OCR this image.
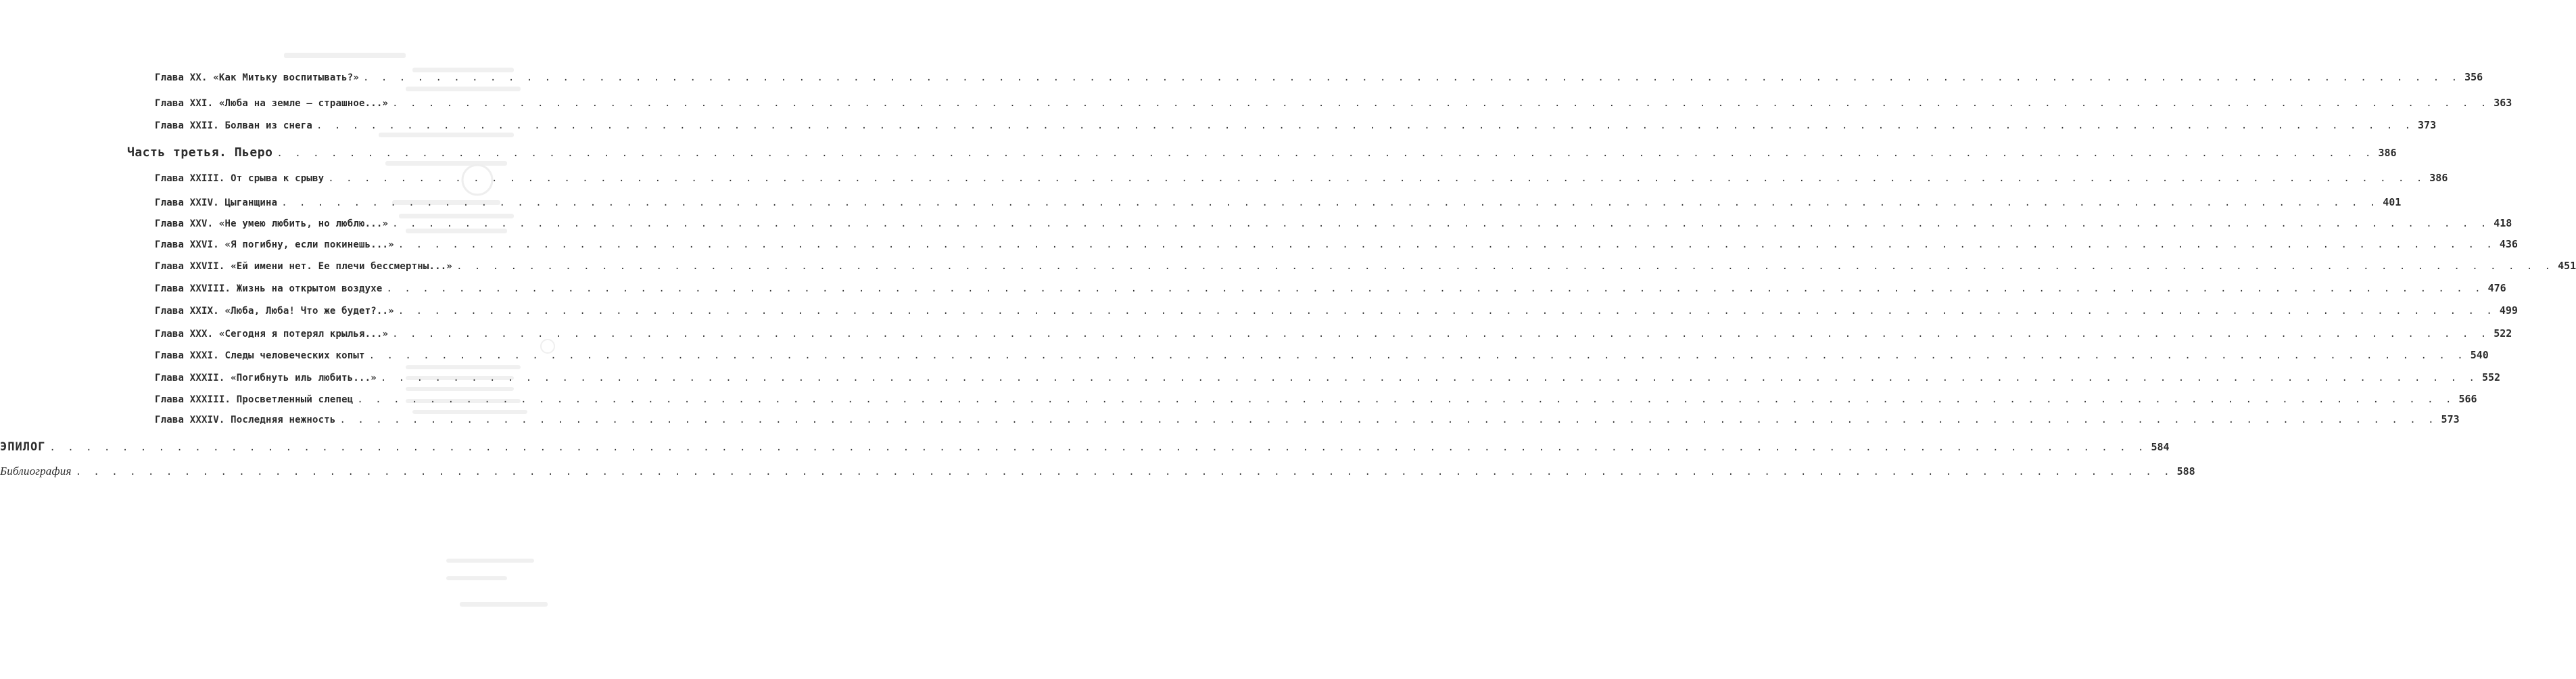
Глава XX. «Как Митьку воспитывать?» . . .	356
Глава XXI. «Люба на земле – страшное...» . . .	363
Глава XXII. Болван из снега . . .	373
Часть третья. Пьеро . . .	386
Глава XXIII. От срыва к срыву . . .	386
Глава XXIV. Цыганщина . . .	401
Глава XXV. «Не умею любить, но люблю...» . . .	418
Глава XXVI. «Я погибну, если покинешь...» . . .	436
Глава XXVII. «Ей имени нет. Ее плечи бессмертны...» . . .	451
Глава XXVIII. Жизнь на открытом воздухе . . .	476
Глава XXIX. «Люба, Люба! Что же будет?..» . . .	499
Глава XXX. «Сегодня я потерял крылья...» . . .	522
Глава XXXI. Следы человеческих копыт . . .	540
Глава XXXII. «Погибнуть иль любить...» . . .	552
Глава XXXIII. Просветленный слепец . . .	566
Глава XXXIV. Последняя нежность . . .	573
ЭПИЛОГ . . .	584
Библиография . . .	588
